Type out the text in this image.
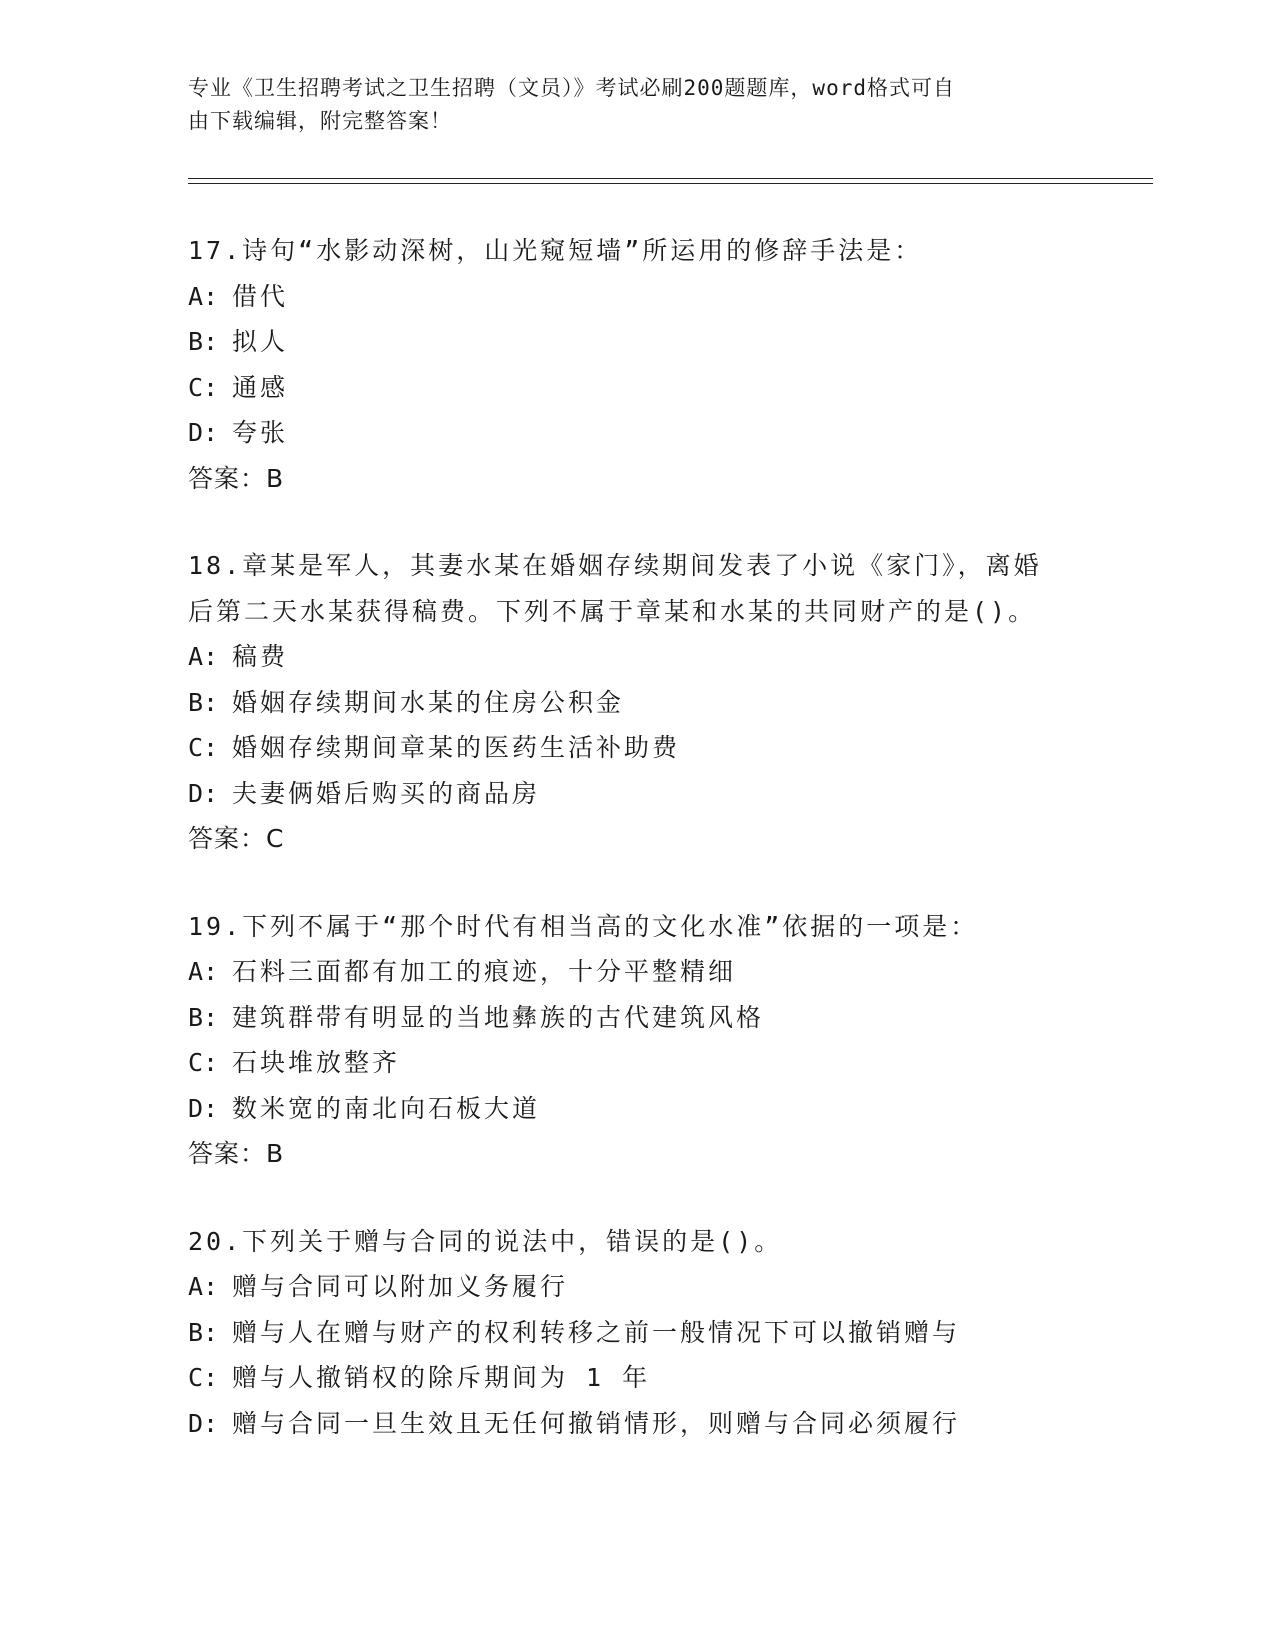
专业《卫生招聘考试之卫生招聘（文员）》考试必刷200题题库，word格式可自
由下载编辑，附完整答案！
17.诗句“水影动深树，山光窥短墙”所运用的修辞手法是：
A: 借代
B: 拟人
C: 通感
D: 夸张
答案：B
18.章某是军人，其妻水某在婚姻存续期间发表了小说《家门》，离婚
后第二天水某获得稿费。下列不属于章某和水某的共同财产的是()。
A: 稿费
B: 婚姻存续期间水某的住房公积金
C: 婚姻存续期间章某的医药生活补助费
D: 夫妻俩婚后购买的商品房
答案：C
19.下列不属于“那个时代有相当高的文化水准”依据的一项是：
A: 石料三面都有加工的痕迹，十分平整精细
B: 建筑群带有明显的当地彝族的古代建筑风格
C: 石块堆放整齐
D: 数米宽的南北向石板大道
答案：B
20.下列关于赠与合同的说法中，错误的是()。
A: 赠与合同可以附加义务履行
B: 赠与人在赠与财产的权利转移之前一般情况下可以撤销赠与
C: 赠与人撤销权的除斥期间为 1 年
D: 赠与合同一旦生效且无任何撤销情形，则赠与合同必须履行
